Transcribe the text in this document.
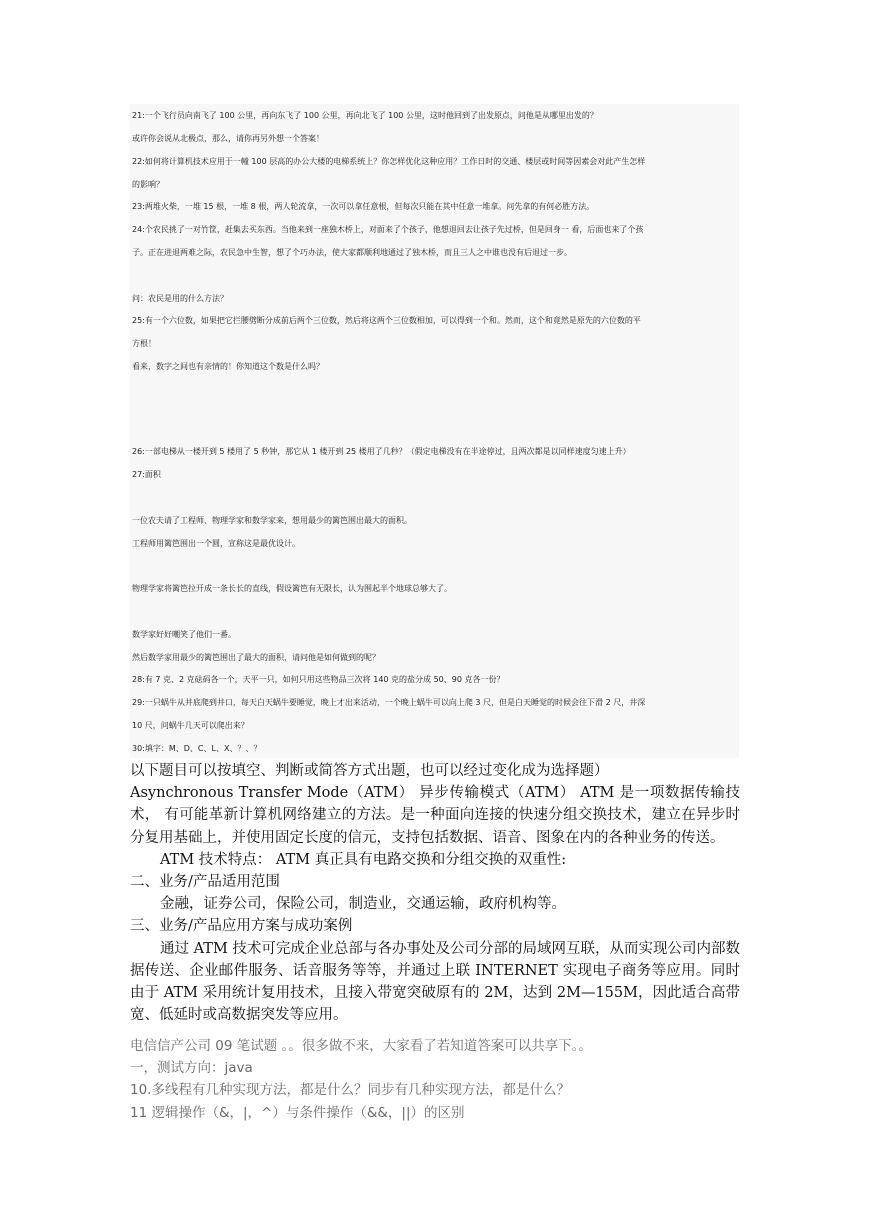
21:一个飞行员向南飞了 100 公里，再向东飞了 100 公里，再向北飞了 100 公里，这时他回到了出发原点，问他是从哪里出发的？
或许你会说从北极点，那么，请你再另外想一个答案！
22:如何将计算机技术应用于一幢 100 层高的办公大楼的电梯系统上？你怎样优化这种应用？工作日时的交通、楼层或时间等因素会对此产生怎样
的影响？
23:两堆火柴，一堆 15 根，一堆 8 根，两人轮流拿，一次可以拿任意根，但每次只能在其中任意一堆拿。问先拿的有何必胜方法。
24:个农民挑了一对竹筐，赶集去买东西。当他来到一座独木桥上，对面来了个孩子，他想退回去让孩子先过桥，但是回身一 看，后面也来了个孩
子。正在进退两难之际，农民急中生智，想了个巧办法，使大家都顺利地通过了独木桥，而且三人之中谁也没有后退过一步。
问：农民是用的什么方法？
25:有一个六位数，如果把它拦腰劈断分成前后两个三位数，然后将这两个三位数相加，可以得到一个和。然而，这个和竟然是原先的六位数的平
方根！
看来，数字之间也有亲情的！你知道这个数是什么吗？
26:一部电梯从一楼开到 5 楼用了 5 秒钟，那它从 1 楼开到 25 楼用了几秒？（假定电梯没有在半途停过，且两次都是以同样速度匀速上升）
27:面积
一位农夫请了工程师、物理学家和数学家来，想用最少的篱笆围出最大的面积。
工程师用篱笆围出一个圆，宣称这是最优设计。
物理学家将篱笆拉开成一条长长的直线，假设篱笆有无限长，认为围起半个地球总够大了。
数学家好好嘲笑了他们一番。
然后数学家用最少的篱笆围出了最大的面积，请问他是如何做到的呢？
28:有 7 克、2 克砝码各一个，天平一只，如何只用这些物品三次将 140 克的盐分成 50、90 克各一份？
29:一只蜗牛从井底爬到井口，每天白天蜗牛要睡觉，晚上才出来活动，一个晚上蜗牛可以向上爬 3 尺，但是白天睡觉的时候会往下滑 2 尺，井深
10 尺，问蜗牛几天可以爬出来？
30:填字：M、D、C、L、X、？、？

以下题目可以按填空、判断或简答方式出题，也可以经过变化成为选择题）

Asynchronous Transfer Mode（ATM） 异步传输模式（ATM） ATM 是一项数据传输技术， 有可能革新计算机网络建立的方法。是一种面向连接的快速分组交换技术，建立在异步时分复用基础上，并使用固定长度的信元，支持包括数据、语音、图象在内的各种业务的传送。

ATM 技术特点： ATM 真正具有电路交换和分组交换的双重性:

二、业务/产品适用范围

金融，证券公司，保险公司，制造业，交通运输，政府机构等。

三、业务/产品应用方案与成功案例

通过 ATM 技术可完成企业总部与各办事处及公司分部的局域网互联，从而实现公司内部数据传送、企业邮件服务、话音服务等等，并通过上联 INTERNET 实现电子商务等应用。同时由于 ATM 采用统计复用技术，且接入带宽突破原有的 2M，达到 2M—155M，因此适合高带宽、低延时或高数据突发等应用。

电信信产公司 09 笔试题 。。很多做不来，大家看了若知道答案可以共享下。。

一，测试方向：java

10.多线程有几种实现方法，都是什么？同步有几种实现方法，都是什么？

11 逻辑操作（&，|，^）与条件操作（&&，||）的区别
